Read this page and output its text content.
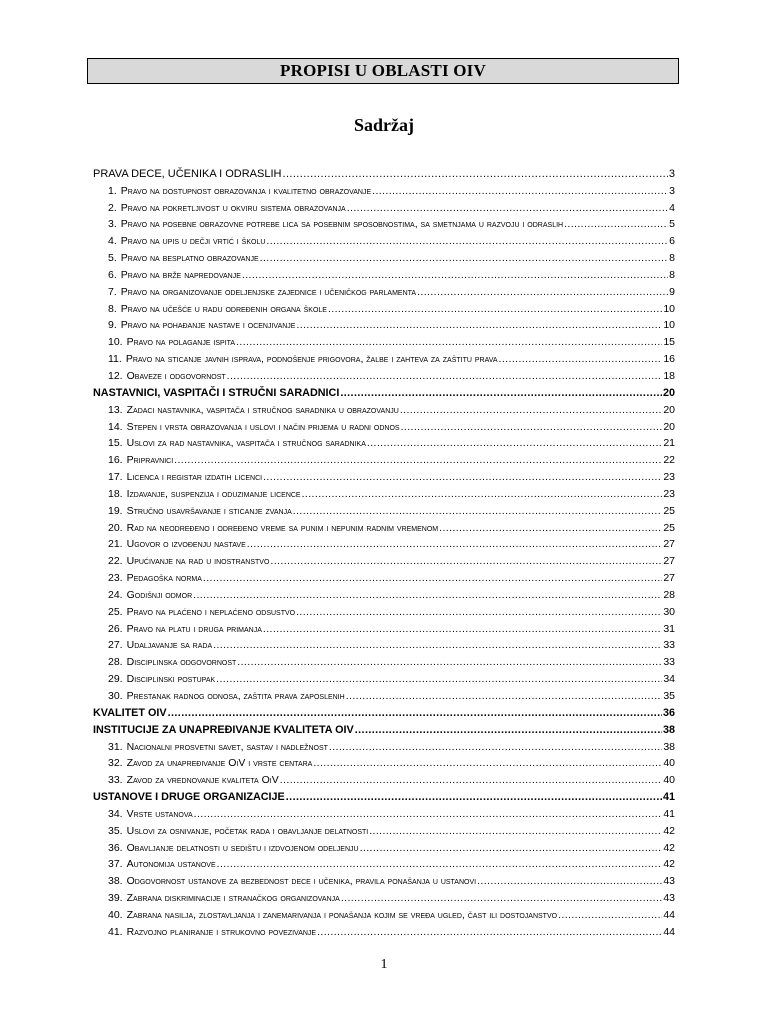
PROPISI U OBLASTI OIV
Sadržaj
PRAVA DECE, UČENIKA I ODRASLIH .....	3
1. Pravo na dostupnost obrazovanja i kvalitetno obrazovanje .....	3
2. Pravo na pokretljivost u okviru sistema obrazovanja .....	4
3. Pravo na posebne obrazovne potrebe lica sa posebnim sposobnostima, sa smetnjama u razvoju i odraslih .....	5
4. Pravo na upis u dečji vrtić i školu .....	6
5. Pravo na besplatno obrazovanje .....	8
6. Pravo na brže napredovanje .....	8
7. Pravo na organizovanje odeljenjske zajednice i učeničkog parlamenta .....	9
8. Pravo na učešće u radu određenih organa škole .....	10
9. Pravo na pohađanje nastave i ocenjivanje .....	10
10. Pravo na polaganje ispita .....	15
11. Pravo na sticanje javnih isprava, podnošenje prigovora, žalbe i zahteva za zaštitu prava .....	16
12. Obaveze i odgovornost .....	18
NASTAVNICI, VASPITAČI I STRUČNI SARADNICI .....	20
13. Zadaci nastavnika, vaspitača i stručnog saradnika u obrazovanju .....	20
14. Stepen i vrsta obrazovanja i uslovi i način prijema u radni odnos .....	20
15. Uslovi za rad nastavnika, vaspitača i stručnog saradnika .....	21
16. Pripravnici .....	22
17. Licenca i registar izdatih licenci .....	23
18. Izdavanje, suspenzija i oduzimanje licence .....	23
19. Stručno usavršavanje i sticanje zvanja .....	25
20. Rad na neodređeno i određeno vreme sa punim i nepunim radnim vremenom .....	25
21. Ugovor o izvođenju nastave .....	27
22. Upućivanje na rad u inostranstvo .....	27
23. Pedagoška norma .....	27
24. Godišnji odmor .....	28
25. Pravo na plaćeno i neplaćeno odsustvo .....	30
26. Pravo na platu i druga primanja .....	31
27. Udaljavanje sa rada .....	33
28. Disciplinska odgovornost .....	33
29. Disciplinski postupak .....	34
30. Prestanak radnog odnosa, zaštita prava zaposlenih .....	35
KVALITET OIV .....	36
INSTITUCIJE ZA UNAPREĐIVANJE KVALITETA OIV .....	38
31. Nacionalni prosvetni savet, sastav i nadležnost .....	38
32. Zavod za unapređivanje OiV i vrste centara .....	40
33. Zavod za vrednovanje kvaliteta OiV .....	40
USTANOVE I DRUGE ORGANIZACIJE .....	41
34. Vrste ustanova .....	41
35. Uslovi za osnivanje, početak rada i obavljanje delatnosti .....	42
36. Obavljanje delatnosti u sedištu i izdvojenom odeljenju .....	42
37. Autonomija ustanove .....	42
38. Odgovornost ustanove za bezbednost dece i učenika, pravila ponašanja u ustanovi .....	43
39. Zabrana diskriminacije i stranačkog organizovanja .....	43
40. Zabrana nasilja, zlostavljanja i zanemarivanja i ponašanja kojim se vređa ugled, čast ili dostojanstvo .....	44
41. Razvojno planiranje i strukovno povezivanje .....	44
1
